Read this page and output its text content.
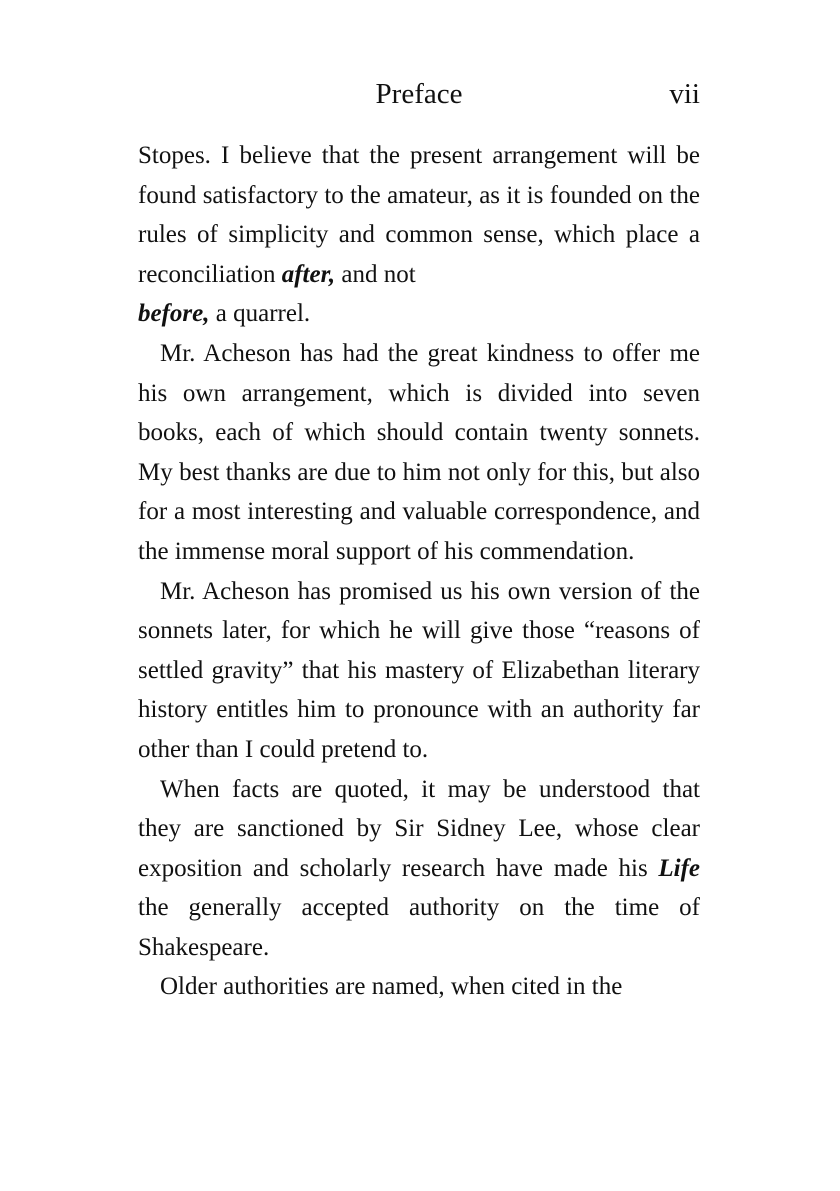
Preface	vii

Stopes. I believe that the present arrangement will be found satisfactory to the amateur, as it is founded on the rules of simplicity and common sense, which place a reconciliation after, and not
before, a quarrel.

Mr. Acheson has had the great kindness to offer me his own arrangement, which is divided into seven books, each of which should contain twenty sonnets. My best thanks are due to him not only for this, but also for a most interesting and valuable correspondence, and the immense moral support of his commendation.

Mr. Acheson has promised us his own version of the sonnets later, for which he will give those “reasons of settled gravity” that his mastery of Elizabethan literary history entitles him to pronounce with an authority far other than I could pretend to.

When facts are quoted, it may be understood that they are sanctioned by Sir Sidney Lee, whose clear exposition and scholarly research have made his Life the generally accepted authority on the time of Shakespeare.

Older authorities are named, when cited in the
